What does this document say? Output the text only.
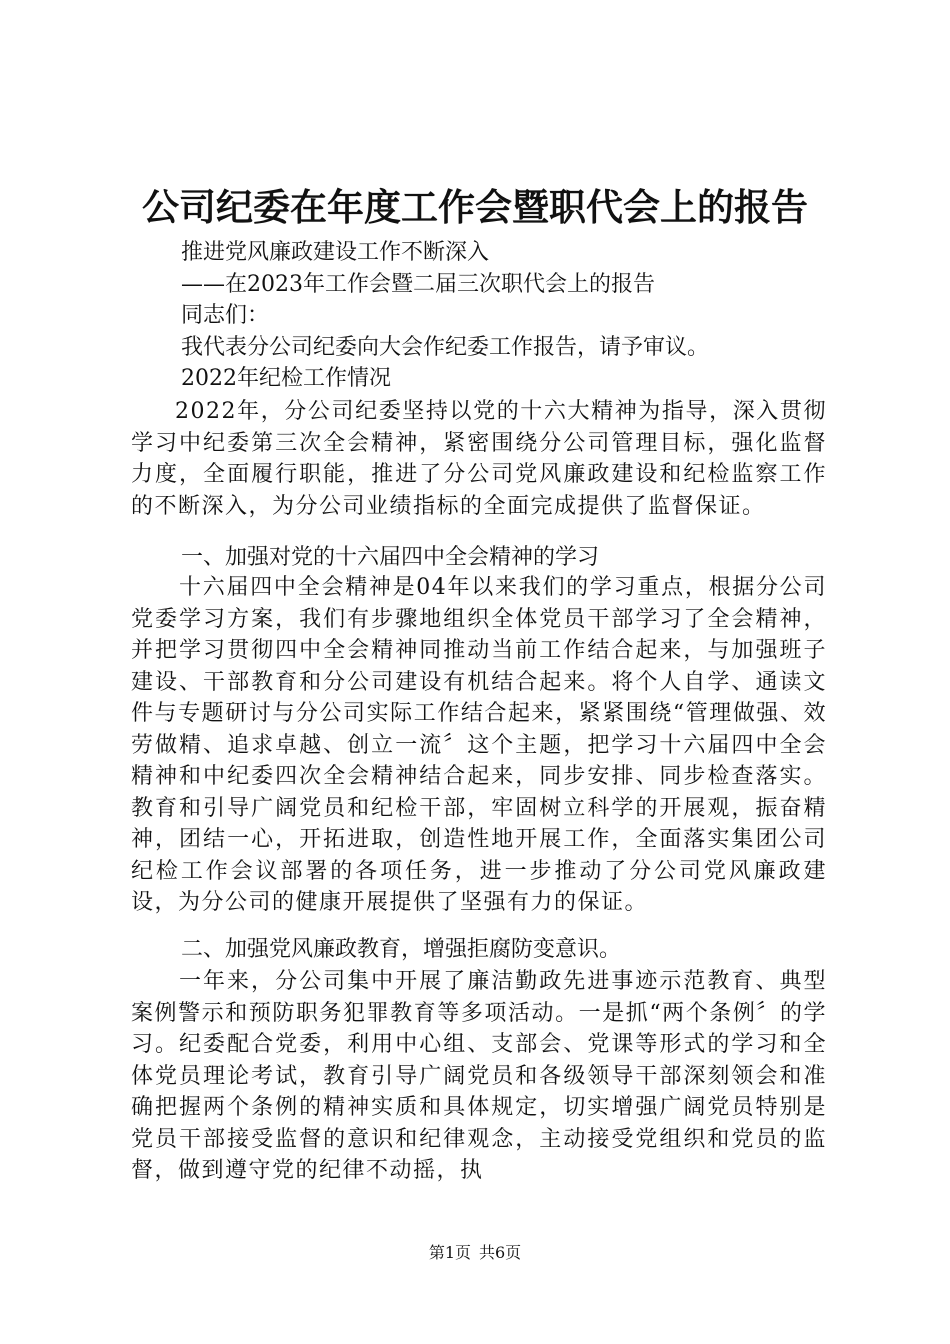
公司纪委在年度工作会暨职代会上的报告
推进党风廉政建设工作不断深入
——在2023年工作会暨二届三次职代会上的报告
同志们：
我代表分公司纪委向大会作纪委工作报告，请予审议。
2022年纪检工作情况
2022年，分公司纪委坚持以党的十六大精神为指导，深入贯彻学习中纪委第三次全会精神，紧密围绕分公司管理目标，强化监督力度，全面履行职能，推进了分公司党风廉政建设和纪检监察工作的不断深入，为分公司业绩指标的全面完成提供了监督保证。
一、加强对党的十六届四中全会精神的学习
十六届四中全会精神是04年以来我们的学习重点，根据分公司党委学习方案，我们有步骤地组织全体党员干部学习了全会精神，并把学习贯彻四中全会精神同推动当前工作结合起来，与加强班子建设、干部教育和分公司建设有机结合起来。将个人自学、通读文件与专题研讨与分公司实际工作结合起来，紧紧围绕“管理做强、效劳做精、追求卓越、创立一流〞这个主题，把学习十六届四中全会精神和中纪委四次全会精神结合起来，同步安排、同步检查落实。教育和引导广阔党员和纪检干部，牢固树立科学的开展观，振奋精神，团结一心，开拓进取，创造性地开展工作，全面落实集团公司纪检工作会议部署的各项任务，进一步推动了分公司党风廉政建设，为分公司的健康开展提供了坚强有力的保证。
二、加强党风廉政教育，增强拒腐防变意识。
一年来，分公司集中开展了廉洁勤政先进事迹示范教育、典型案例警示和预防职务犯罪教育等多项活动。一是抓“两个条例〞的学习。纪委配合党委，利用中心组、支部会、党课等形式的学习和全体党员理论考试，教育引导广阔党员和各级领导干部深刻领会和准确把握两个条例的精神实质和具体规定，切实增强广阔党员特别是党员干部接受监督的意识和纪律观念，主动接受党组织和党员的监督，做到遵守党的纪律不动摇，执
第1页 共6页
